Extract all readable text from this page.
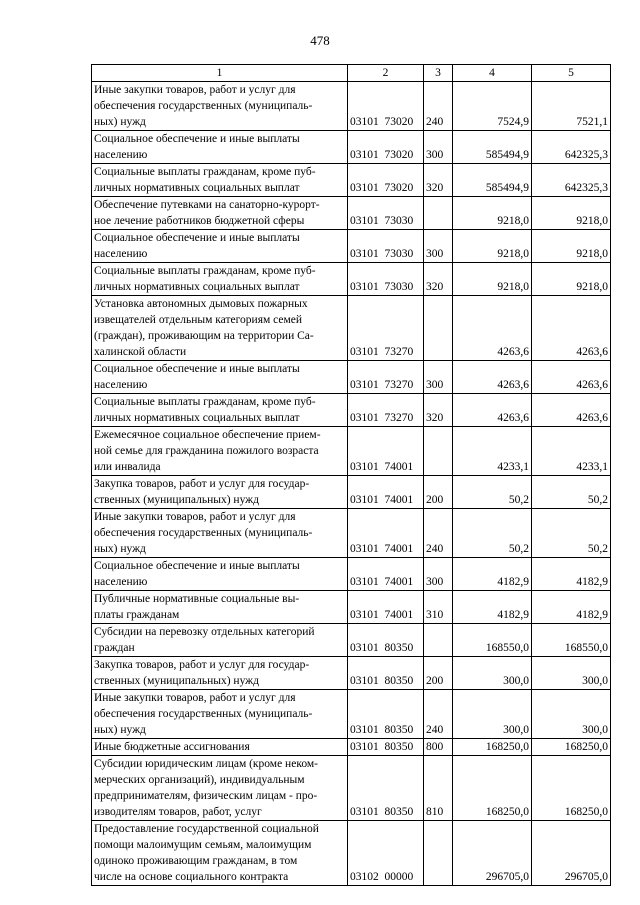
478
1	2	3	4	5
Иные закупки товаров, работ и услуг для
обеспечения государственных (муниципаль-
ных) нужд	03101  73020	240	7524,9	7521,1
Социальное обеспечение и иные выплаты
населению	03101  73020	300	585494,9	642325,3
Социальные выплаты гражданам, кроме пуб-
личных нормативных социальных выплат	03101  73020	320	585494,9	642325,3
Обеспечение путевками на санаторно-курорт-
ное лечение работников бюджетной сферы	03101  73030		9218,0	9218,0
Социальное обеспечение и иные выплаты
населению	03101  73030	300	9218,0	9218,0
Социальные выплаты гражданам, кроме пуб-
личных нормативных социальных выплат	03101  73030	320	9218,0	9218,0
Установка автономных дымовых пожарных
извещателей отдельным категориям семей
(граждан), проживающим на территории Са-
халинской области	03101  73270		4263,6	4263,6
Социальное обеспечение и иные выплаты
населению	03101  73270	300	4263,6	4263,6
Социальные выплаты гражданам, кроме пуб-
личных нормативных социальных выплат	03101  73270	320	4263,6	4263,6
Ежемесячное социальное обеспечение прием-
ной семье для гражданина пожилого возраста
или инвалида	03101  74001		4233,1	4233,1
Закупка товаров, работ и услуг для государ-
ственных (муниципальных) нужд	03101  74001	200	50,2	50,2
Иные закупки товаров, работ и услуг для
обеспечения государственных (муниципаль-
ных) нужд	03101  74001	240	50,2	50,2
Социальное обеспечение и иные выплаты
населению	03101  74001	300	4182,9	4182,9
Публичные нормативные социальные вы-
платы гражданам	03101  74001	310	4182,9	4182,9
Субсидии на перевозку отдельных категорий
граждан	03101  80350		168550,0	168550,0
Закупка товаров, работ и услуг для государ-
ственных (муниципальных) нужд	03101  80350	200	300,0	300,0
Иные закупки товаров, работ и услуг для
обеспечения государственных (муниципаль-
ных) нужд	03101  80350	240	300,0	300,0
Иные бюджетные ассигнования	03101  80350	800	168250,0	168250,0
Субсидии юридическим лицам (кроме неком-
мерческих организаций), индивидуальным
предпринимателям, физическим лицам - про-
изводителям товаров, работ, услуг	03101  80350	810	168250,0	168250,0
Предоставление государственной социальной
помощи малоимущим семьям, малоимущим
одиноко проживающим гражданам, в том
числе на основе социального контракта	03102  00000		296705,0	296705,0
